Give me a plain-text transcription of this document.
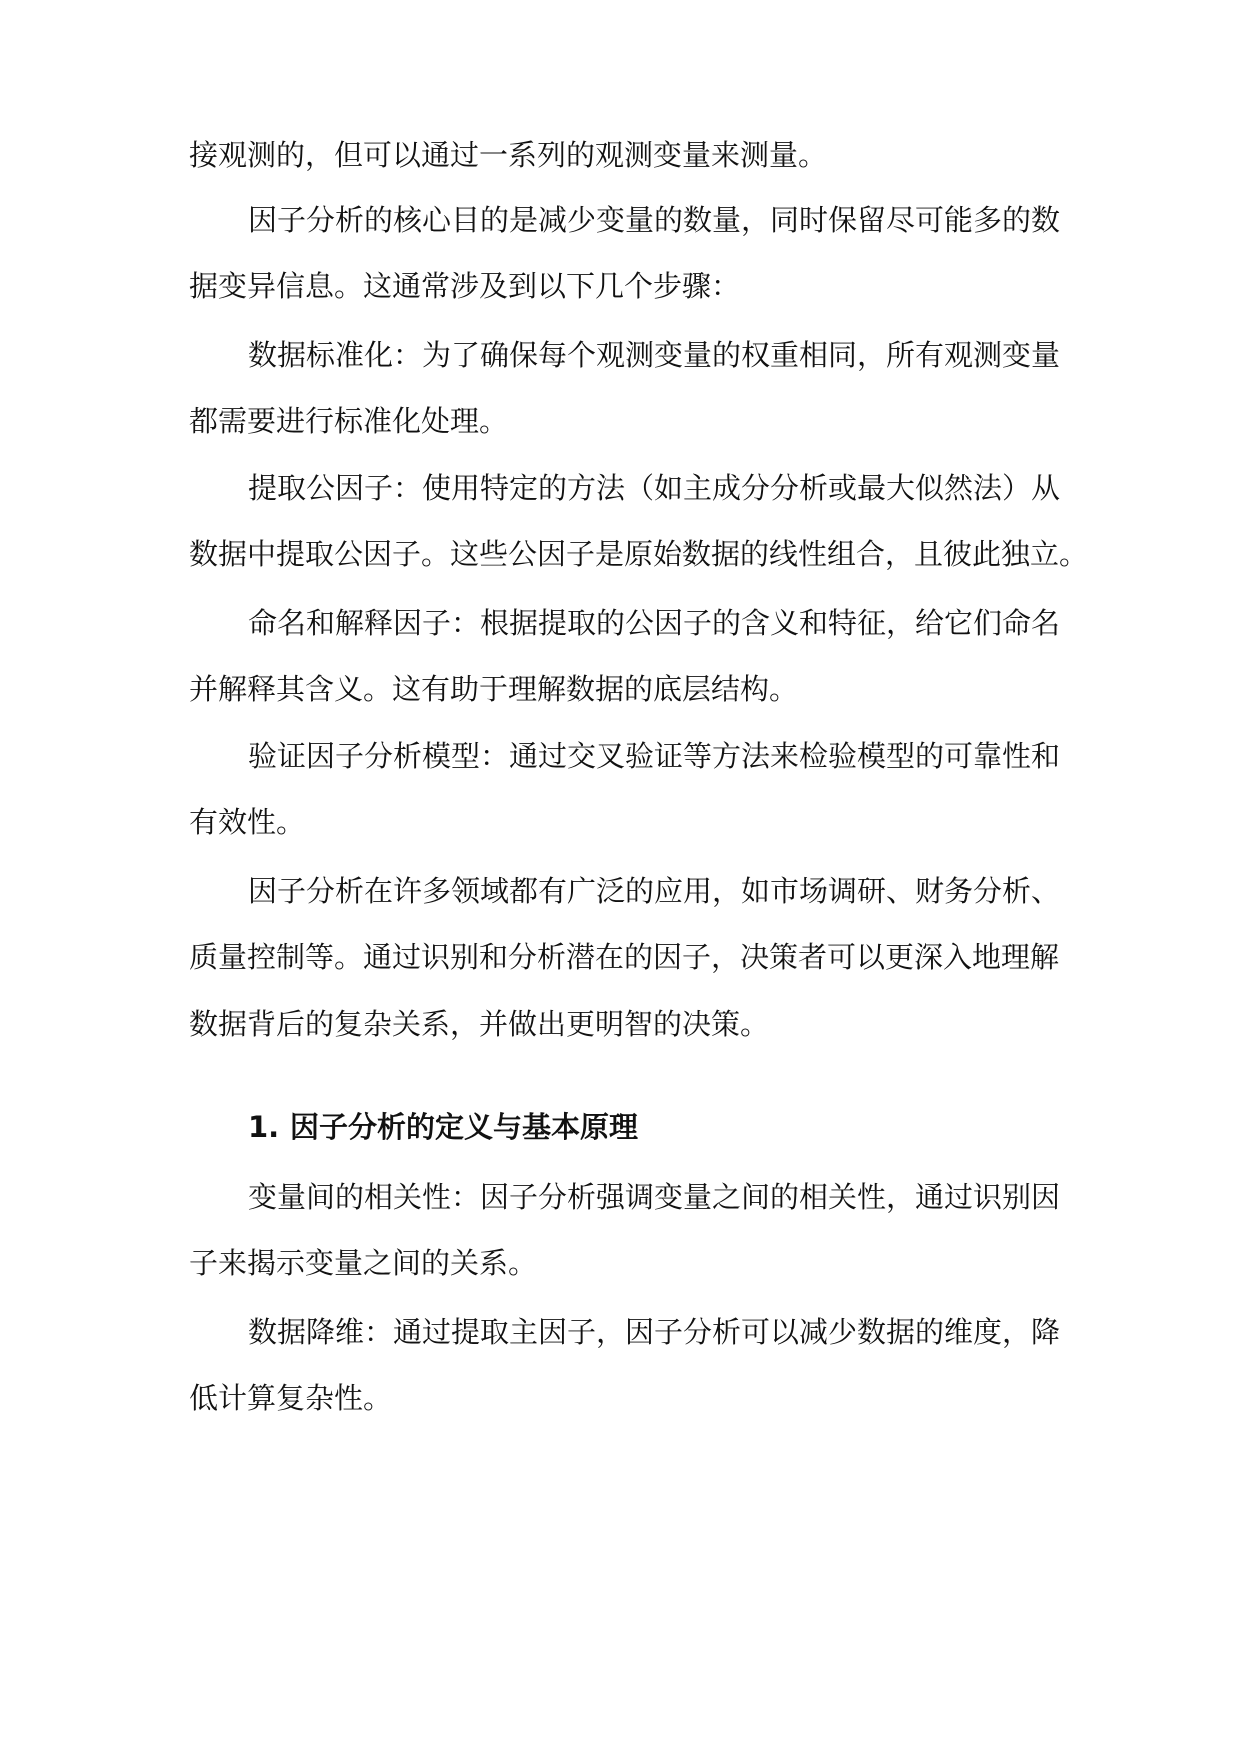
接观测的，但可以通过一系列的观测变量来测量。
因子分析的核心目的是减少变量的数量，同时保留尽可能多的数
据变异信息。这通常涉及到以下几个步骤：
数据标准化：为了确保每个观测变量的权重相同，所有观测变量
都需要进行标准化处理。
提取公因子：使用特定的方法（如主成分分析或最大似然法）从
数据中提取公因子。这些公因子是原始数据的线性组合，且彼此独立。
命名和解释因子：根据提取的公因子的含义和特征，给它们命名
并解释其含义。这有助于理解数据的底层结构。
验证因子分析模型：通过交叉验证等方法来检验模型的可靠性和
有效性。
因子分析在许多领域都有广泛的应用，如市场调研、财务分析、
质量控制等。通过识别和分析潜在的因子，决策者可以更深入地理解
数据背后的复杂关系，并做出更明智的决策。
1. 因子分析的定义与基本原理
变量间的相关性：因子分析强调变量之间的相关性，通过识别因
子来揭示变量之间的关系。
数据降维：通过提取主因子，因子分析可以减少数据的维度，降
低计算复杂性。
